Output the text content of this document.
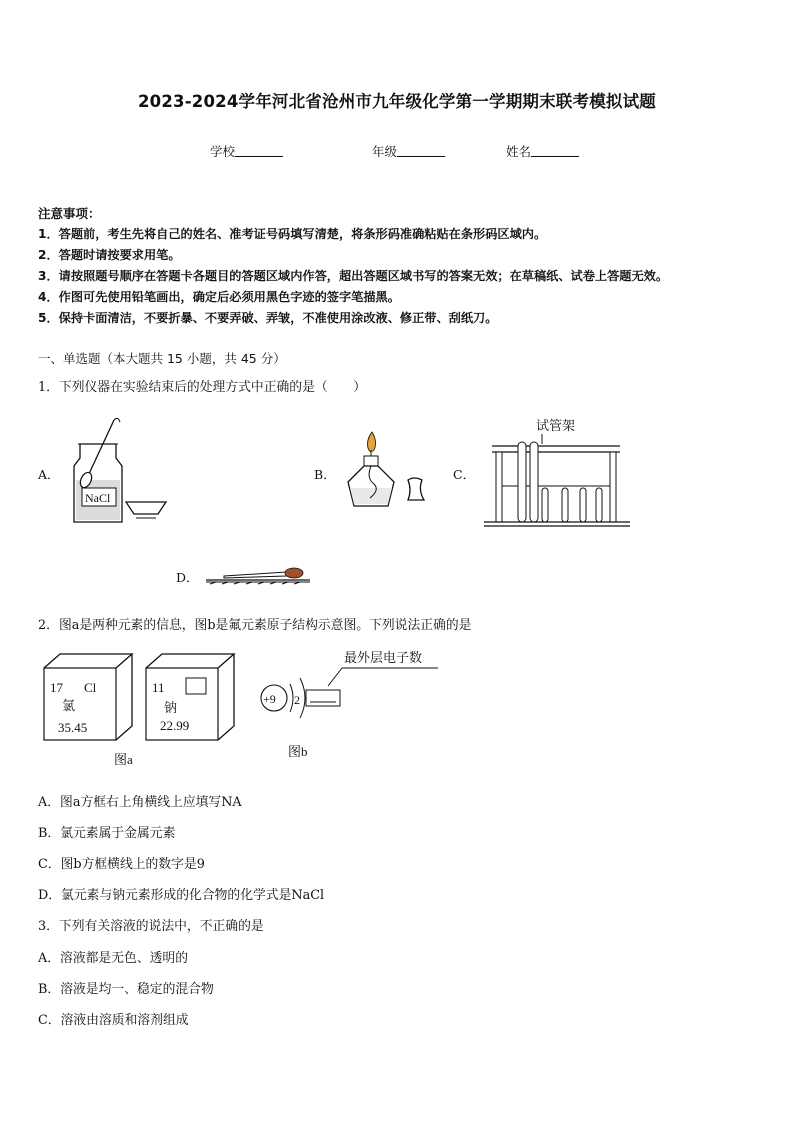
2023-2024学年河北省沧州市九年级化学第一学期期末联考模拟试题
学校	年级	姓名
注意事项：
1．答题前，考生先将自己的姓名、准考证号码填写清楚，将条形码准确粘贴在条形码区域内。
2．答题时请按要求用笔。
3．请按照题号顺序在答题卡各题目的答题区域内作答，超出答题区域书写的答案无效；在草稿纸、试卷上答题无效。
4．作图可先使用铅笔画出，确定后必须用黑色字迹的签字笔描黑。
5．保持卡面清洁，不要折暴、不要弄破、弄皱，不准使用涂改液、修正带、刮纸刀。
一、单选题（本大题共 15 小题，共 45 分）
1．下列仪器在实验结束后的处理方式中正确的是（　　）
A．
NaCl
B．	C．
试管架
D．
2．图a是两种元素的信息，图b是氟元素原子结构示意图。下列说法正确的是
17 Cl
氯
35.45
11
钠
22.99
图a
最外层电子数
+9 2
图b
A．图a方框右上角横线上应填写NA
B．氯元素属于金属元素
C．图b方框横线上的数字是9
D．氯元素与钠元素形成的化合物的化学式是NaCl
3．下列有关溶液的说法中，不正确的是
A．溶液都是无色、透明的
B．溶液是均一、稳定的混合物
C．溶液由溶质和溶剂组成
